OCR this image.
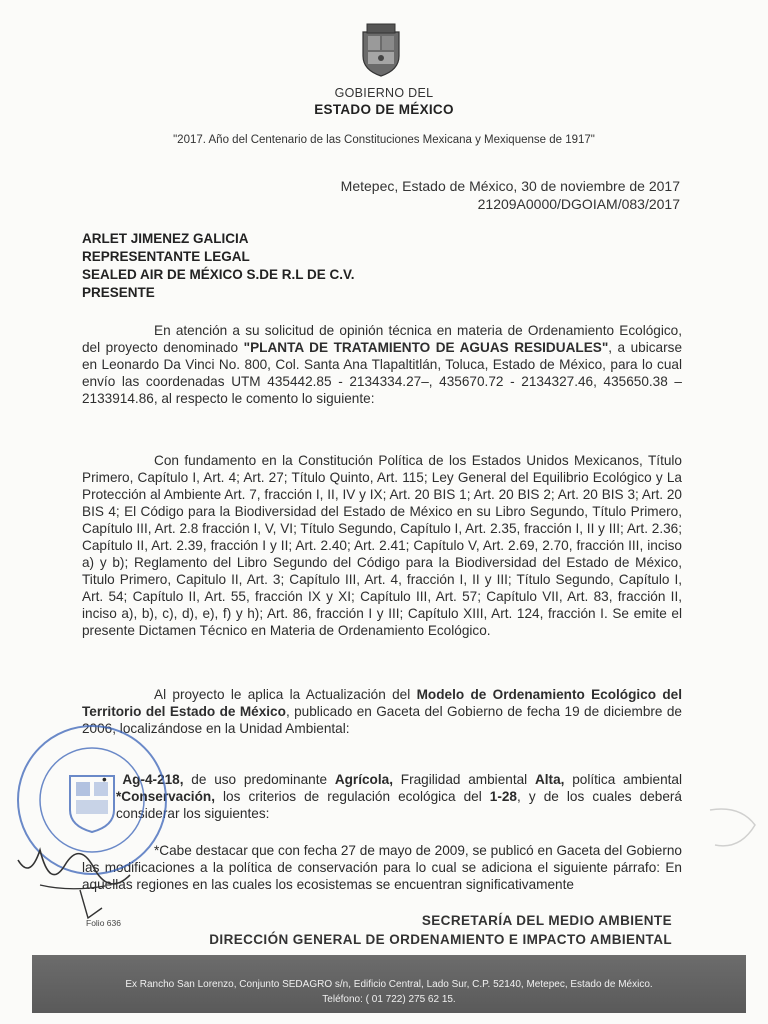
GOBIERNO DEL
ESTADO DE MÉXICO
"2017. Año del Centenario de las Constituciones Mexicana y Mexiquense de 1917"
Metepec, Estado de México, 30 de noviembre de 2017
21209A0000/DGOIAM/083/2017
ARLET JIMENEZ GALICIA
REPRESENTANTE LEGAL
SEALED AIR DE MÉXICO S.DE R.L DE C.V.
PRESENTE

En atención a su solicitud de opinión técnica en materia de Ordenamiento Ecológico, del proyecto denominado "PLANTA DE TRATAMIENTO DE AGUAS RESIDUALES", a ubicarse en Leonardo Da Vinci No. 800, Col. Santa Ana Tlapaltitlán, Toluca, Estado de México, para lo cual envío las coordenadas UTM 435442.85 - 2134334.27–, 435670.72 - 2134327.46, 435650.38 – 2133914.86, al respecto le comento lo siguiente:

Con fundamento en la Constitución Política de los Estados Unidos Mexicanos, Título Primero, Capítulo I, Art. 4; Art. 27; Título Quinto, Art. 115; Ley General del Equilibrio Ecológico y La Protección al Ambiente Art. 7, fracción I, II, IV y IX; Art. 20 BIS 1; Art. 20 BIS 2; Art. 20 BIS 3; Art. 20 BIS 4; El Código para la Biodiversidad del Estado de México en su Libro Segundo, Título Primero, Capítulo III, Art. 2.8 fracción I, V, VI; Título Segundo, Capítulo I, Art. 2.35, fracción I, II y III; Art. 2.36; Capítulo II, Art. 2.39, fracción I y II; Art. 2.40; Art. 2.41; Capítulo V, Art. 2.69, 2.70, fracción III, inciso a) y b); Reglamento del Libro Segundo del Código para la Biodiversidad del Estado de México, Titulo Primero, Capitulo II, Art. 3; Capítulo III, Art. 4, fracción I, II y III; Título Segundo, Capítulo I, Art. 54; Capítulo II, Art. 55, fracción IX y XI; Capítulo III, Art. 57; Capítulo VII, Art. 83, fracción II, inciso a), b), c), d), e), f) y h); Art. 86, fracción I y III; Capítulo XIII, Art. 124, fracción I. Se emite el presente Dictamen Técnico en Materia de Ordenamiento Ecológico.

Al proyecto le aplica la Actualización del Modelo de Ordenamiento Ecológico del Territorio del Estado de México, publicado en Gaceta del Gobierno de fecha 19 de diciembre de 2006, localizándose en la Unidad Ambiental:

•  Ag-4-218, de uso predominante Agrícola, Fragilidad ambiental Alta, política ambiental *Conservación, los criterios de regulación ecológica del 1-28, y de los cuales deberá considerar los siguientes:

*Cabe destacar que con fecha 27 de mayo de 2009, se publicó en Gaceta del Gobierno las modificaciones a la política de conservación para lo cual se adiciona el siguiente párrafo: En aquellas regiones en las cuales los ecosistemas se encuentran significativamente

Folio 636	SECRETARÍA DEL MEDIO AMBIENTE
DIRECCIÓN GENERAL DE ORDENAMIENTO E IMPACTO AMBIENTAL
Ex Rancho San Lorenzo, Conjunto SEDAGRO s/n, Edificio Central, Lado Sur, C.P. 52140, Metepec, Estado de México.
Teléfono: ( 01 722) 275 62 15.
